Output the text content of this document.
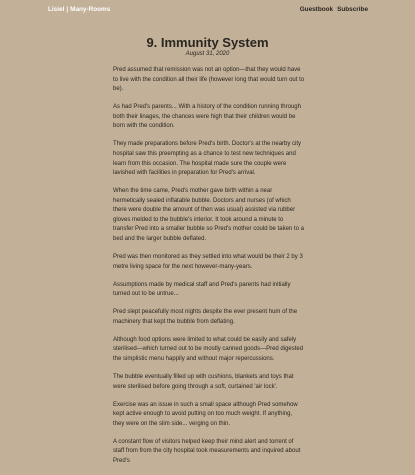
Lisiel | Many-Rooms	Guestbook Subscribe
9. Immunity System
August 31, 2020

Pred assumed that remission was not an option—that they would have to live with the condition all their life (however long that would turn out to be).

As had Pred's parents... With a history of the condition running through both their linages, the chances were high that their children would be born with the condition.

They made preparations before Pred's birth. Doctor's at the nearby city hospital saw this preempting as a chance to test new techniques and learn from this occasion. The hospital made sure the couple were lavished with facilities in preparation for Pred's arrival.

When the time came, Pred's mother gave birth within a near hermetically sealed inflatable bubble. Doctors and nurses (of which there were double the amount of then was usual) assisted via rubber gloves melded to the bubble's interior. It took around a minute to transfer Pred into a smaller bubble so Pred's mother could be taken to a bed and the larger bubble deflated.

Pred was then monitored as they settled into what would be their 2 by 3 metre living space for the next however-many-years.

Assumptions made by medical staff and Pred's parents had initially turned out to be untrue...

Pred slept peacefully most nights despite the ever present hum of the machinery that kept the bubble from deflating.

Although food options were limited to what could be easily and safely sterilised—which turned out to be mostly canned goods—Pred digested the simplistic menu happily and without major repercussions.

The bubble eventually filled up with cushions, blankets and toys that were sterilised before going through a soft, curtained 'air lock'.

Exercise was an issue in such a small space although Pred somehow kept active enough to avoid putting on too much weight. If anything, they were on the slim side... verging on thin.

A constant flow of visitors helped keep their mind alert and torrent of staff from from the city hospital took measurements and inquired about Pred's
